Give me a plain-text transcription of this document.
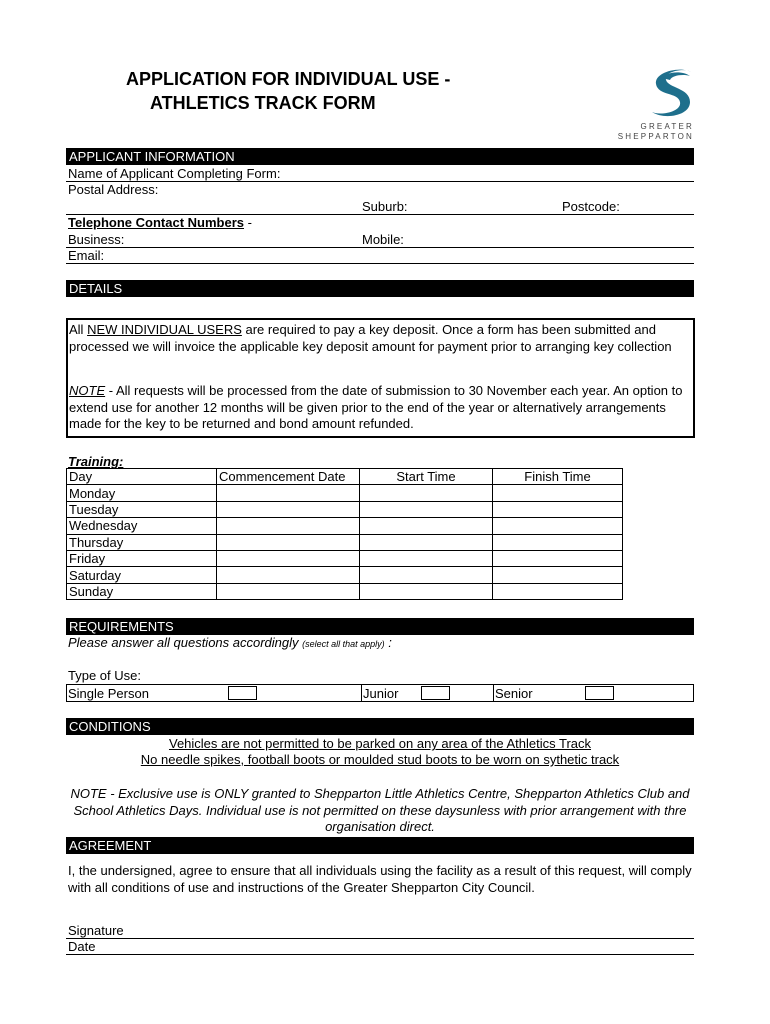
APPLICATION FOR INDIVIDUAL USE -
ATHLETICS TRACK FORM
GREATER
SHEPPARTON
APPLICANT INFORMATION
Name of Applicant Completing Form:
Postal Address:
Suburb:	Postcode:
Telephone Contact Numbers -
Business:	Mobile:
Email:
DETAILS
All NEW INDIVIDUAL USERS are required to pay a key deposit. Once a form has been submitted and processed we will invoice the applicable key deposit amount for payment prior to arranging key collection
NOTE - All requests will be processed from the date of submission to 30 November each year. An option to extend use for another 12 months will be given prior to the end of the year or alternatively arrangements made for the key to be returned and bond amount refunded.
Training:
Day	Commencement Date	Start Time	Finish Time
Monday			
Tuesday			
Wednesday			
Thursday			
Friday			
Saturday			
Sunday			
REQUIREMENTS
Please answer all questions accordingly (select all that apply) :
Type of Use:
Single Person	Junior	Senior
CONDITIONS
Vehicles are not permitted to be parked on any area of the Athletics Track
No needle spikes, football boots or moulded stud boots to be worn on sythetic track
NOTE - Exclusive use is ONLY granted to Shepparton Little Athletics Centre, Shepparton Athletics Club and School Athletics Days. Individual use is not permitted on these daysunless with prior arrangement with thre organisation direct.
AGREEMENT
I, the undersigned, agree to ensure that all individuals using the facility as a result of this request, will comply with all conditions of use and instructions of the Greater Shepparton City Council.
Signature
Date
